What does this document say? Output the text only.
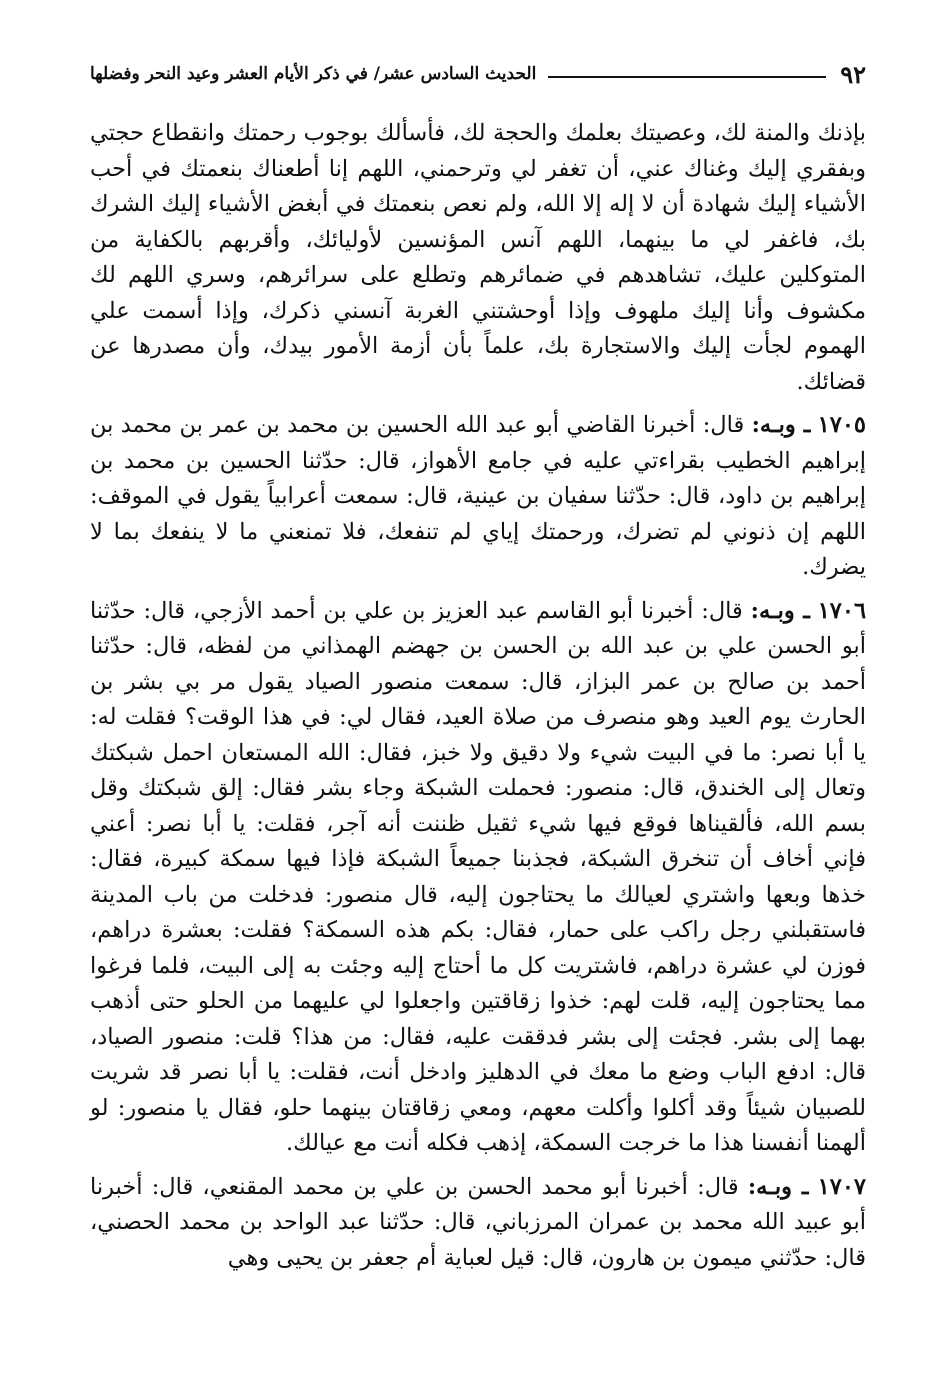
٩٢
الحديث السادس عشر/ في ذكر الأيام العشر وعيد النحر وفضلها

بإذنك والمنة لك، وعصيتك بعلمك والحجة لك، فأسألك بوجوب رحمتك وانقطاع حجتي وبفقري إليك وغناك عني، أن تغفر لي وترحمني، اللهم إنا أطعناك بنعمتك في أحب الأشياء إليك شهادة أن لا إله إلا الله، ولم نعص بنعمتك في أبغض الأشياء إليك الشرك بك، فاغفر لي ما بينهما، اللهم آنس المؤنسين لأوليائك، وأقربهم بالكفاية من المتوكلين عليك، تشاهدهم في ضمائرهم وتطلع على سرائرهم، وسري اللهم لك مكشوف وأنا إليك ملهوف وإذا أوحشتني الغربة آنسني ذكرك، وإذا أسمت علي الهموم لجأت إليك والاستجارة بك، علماً بأن أزمة الأمور بيدك، وأن مصدرها عن قضائك.

١٧٠٥ ـ وبـه: قال: أخبرنا القاضي أبو عبد الله الحسين بن محمد بن عمر بن محمد بن إبراهيم الخطيب بقراءتي عليه في جامع الأهواز، قال: حدّثنا الحسين بن محمد بن إبراهيم بن داود، قال: حدّثنا سفيان بن عينية، قال: سمعت أعرابياً يقول في الموقف: اللهم إن ذنوني لم تضرك، ورحمتك إياي لم تنفعك، فلا تمنعني ما لا ينفعك بما لا يضرك.

١٧٠٦ ـ وبـه: قال: أخبرنا أبو القاسم عبد العزيز بن علي بن أحمد الأزجي، قال: حدّثنا أبو الحسن علي بن عبد الله بن الحسن بن جهضم الهمذاني من لفظه، قال: حدّثنا أحمد بن صالح بن عمر البزاز، قال: سمعت منصور الصياد يقول مر بي بشر بن الحارث يوم العيد وهو منصرف من صلاة العيد، فقال لي: في هذا الوقت؟ فقلت له: يا أبا نصر: ما في البيت شيء ولا دقيق ولا خبز، فقال: الله المستعان احمل شبكتك وتعال إلى الخندق، قال: منصور: فحملت الشبكة وجاء بشر فقال: إلق شبكتك وقل بسم الله، فألقيناها فوقع فيها شيء ثقيل ظننت أنه آجر، فقلت: يا أبا نصر: أعني فإني أخاف أن تنخرق الشبكة، فجذبنا جميعاً الشبكة فإذا فيها سمكة كبيرة، فقال: خذها وبعها واشتري لعيالك ما يحتاجون إليه، قال منصور: فدخلت من باب المدينة فاستقبلني رجل راكب على حمار، فقال: بكم هذه السمكة؟ فقلت: بعشرة دراهم، فوزن لي عشرة دراهم، فاشتريت كل ما أحتاج إليه وجئت به إلى البيت، فلما فرغوا مما يحتاجون إليه، قلت لهم: خذوا زقاقتين واجعلوا لي عليهما من الحلو حتى أذهب بهما إلى بشر. فجئت إلى بشر فدققت عليه، فقال: من هذا؟ قلت: منصور الصياد، قال: ادفع الباب وضع ما معك في الدهليز وادخل أنت، فقلت: يا أبا نصر قد شريت للصبيان شيئاً وقد أكلوا وأكلت معهم، ومعي زقاقتان بينهما حلو، فقال يا منصور: لو ألهمنا أنفسنا هذا ما خرجت السمكة، إذهب فكله أنت مع عيالك.

١٧٠٧ ـ وبـه: قال: أخبرنا أبو محمد الحسن بن علي بن محمد المقنعي، قال: أخبرنا أبو عبيد الله محمد بن عمران المرزباني، قال: حدّثنا عبد الواحد بن محمد الحصني، قال: حدّثني ميمون بن هارون، قال: قيل لعباية أم جعفر بن يحيى وهي
